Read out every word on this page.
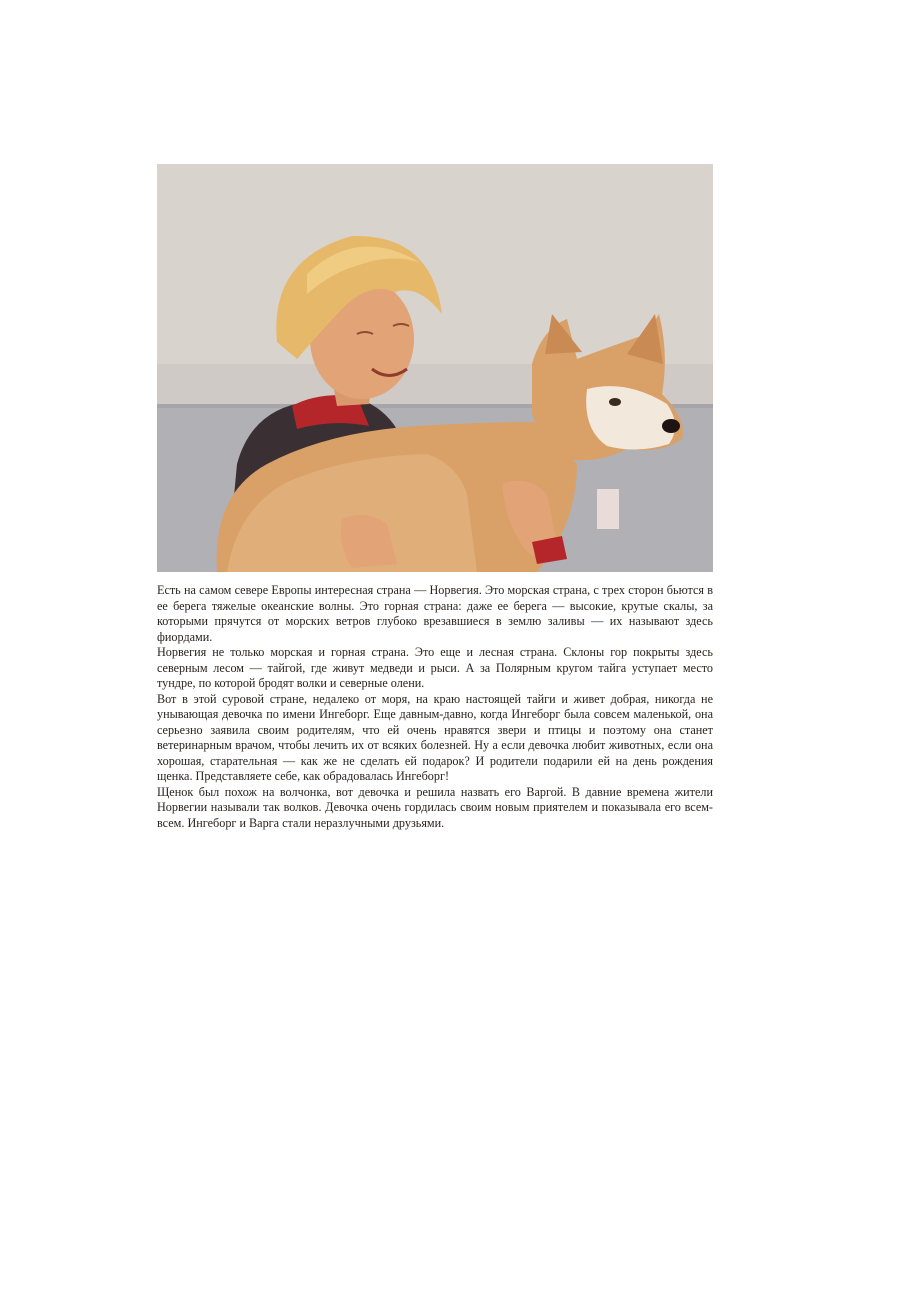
Есть на самом севере Европы интересная страна — Норвегия. Это морская страна, с трех сторон бьются в ее берега тяжелые океанские волны. Это горная страна: даже ее берега — высокие, крутые скалы, за которыми прячутся от морских ветров глубоко врезавшиеся в землю заливы — их называют здесь фиордами.

Норвегия не только морская и горная страна. Это еще и лесная страна. Склоны гор покрыты здесь северным лесом — тайгой, где живут медведи и рыси. А за Полярным кругом тайга уступает место тундре, по которой бродят волки и северные олени.

Вот в этой суровой стране, недалеко от моря, на краю настоящей тайги и живет добрая, никогда не унывающая девочка по имени Ингеборг. Еще давным-давно, когда Ингеборг была совсем маленькой, она серьезно заявила своим родителям, что ей очень нравятся звери и птицы и поэтому она станет ветеринарным врачом, чтобы лечить их от всяких болезней. Ну а если девочка любит животных, если она хорошая, старательная — как же не сделать ей подарок? И родители подарили ей на день рождения щенка. Представляете себе, как обрадовалась Ингеборг!

Щенок был похож на волчонка, вот девочка и решила назвать его Варгой. В давние времена жители Норвегии называли так волков. Девочка очень гордилась своим новым приятелем и показывала его всем-всем. Ингеборг и Варга стали неразлучными друзьями.
